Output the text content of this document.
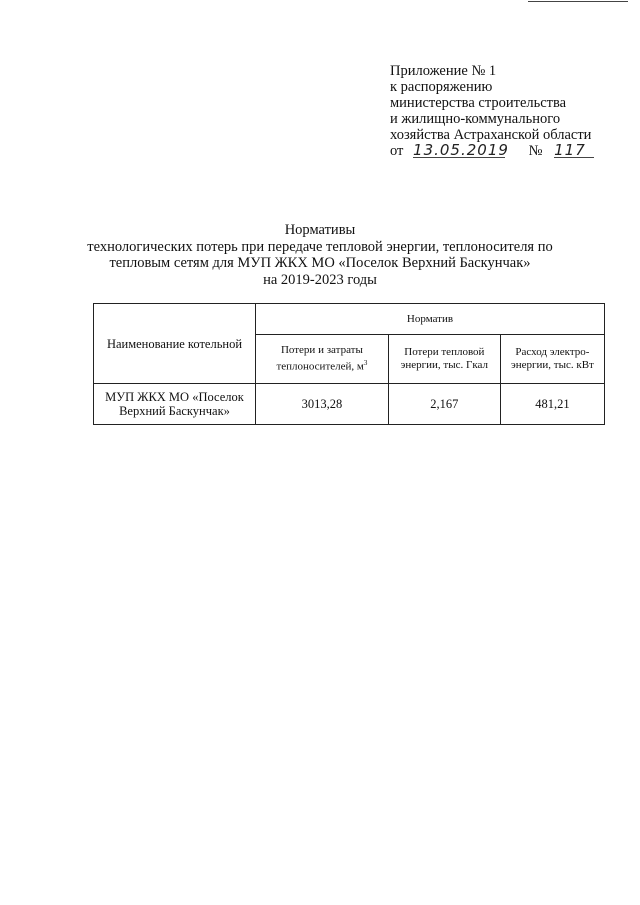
Приложение № 1
к распоряжению
министерства строительства
и жилищно-коммунального
хозяйства Астраханской области
от 13.05.2019 № 117
Нормативы
технологических потерь при передаче тепловой энергии, теплоносителя по
тепловым сетям для МУП ЖКХ МО «Поселок Верхний Баскунчак»
на 2019-2023 годы
Наименование котельной	Норматив		
	Потери и затраты теплоносителей, $м^3$	Потери тепловой энергии, тыс. Гкал	Расход электро-энергии, тыс. кВт
МУП ЖКХ МО «Поселок Верхний Баскунчак»	3013,28	2,167	481,21
